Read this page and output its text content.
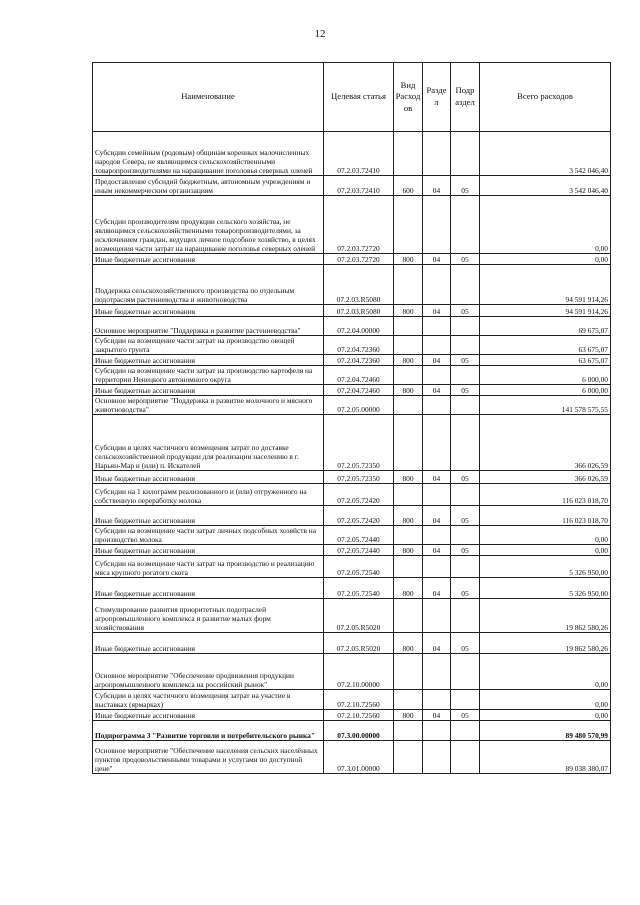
12
Наименование	Целевая статья	Вид Расход ов	Разде л	Подр аздел	Всего расходов
Субсидии семейным (родовым) общинам коренных малочисленных народов Севера, не являющимся сельскохозяйственными товаропроизводителями на наращивание поголовья северных оленей	07.2.03.72410				3 542 046,40
Предоставление субсидий бюджетным, автономным учреждениям и иным некоммерческим организациям	07.2.03.72410	600	04	05	3 542 046,40
Субсидии производителям продукции сельского хозяйства, не являющимся сельскохозяйственными товаропроизводителями, за исключением граждан, ведущих личное подсобное хозяйство, в целях возмещения части затрат на наращивание поголовья северных оленей	07.2.03.72720				0,00
Иные бюджетные ассигнования	07.2.03.72720	800	04	05	0,00
Поддержка сельскохозяйственного производства по отдельным подотраслям растениеводства и животноводства	07.2.03.R5080				94 591 914,26
Иные бюджетные ассигнования	07.2.03.R5080	800	04	05	94 591 914,26
Основное мероприятие "Поддержка и развитие растениеводства"	07.2.04.00000				69 675,07
Субсидии на возмещение части затрат на производство овощей закрытого грунта	07.2.04.72360				63 675,07
Иные бюджетные ассигнования	07.2.04.72360	800	04	05	63 675,07
Субсидии на возмещение части затрат на производство картофеля на территории Ненецкого автономного округа	07.2.04.72460				6 000,00
Иные бюджетные ассигнования	07.2.04.72460	800	04	05	6 000,00
Основное мероприятие "Поддержка и развитие молочного и мясного животноводства"	07.2.05.00000				141 578 575,55
Субсидии в целях частичного возмещения затрат по доставке сельскохозяйственной продукции для реализации населению в г. Нарьян-Мар и (или) п. Искателей	07.2.05.72350				366 026,59
Иные бюджетные ассигнования	07.2.05.72350	800	04	05	366 026,59
Субсидии на 1 килограмм реализованного и (или) отгруженного на собственную переработку молока	07.2.05.72420				116 023 018,70
Иные бюджетные ассигнования	07.2.05.72420	800	04	05	116 023 018,70
Субсидии на возмещение части затрат личных подсобных хозяйств на производство молока	07.2.05.72440				0,00
Иные бюджетные ассигнования	07.2.05.72440	800	04	05	0,00
Субсидии на возмещение части затрат на производство и реализацию мяса крупного рогатого скота	07.2.05.72540				5 326 950,00
Иные бюджетные ассигнования	07.2.05.72540	800	04	05	5 326 950,00
Стимулирование развития приоритетных подотраслей агропромышленного комплекса и развитие малых форм хозяйствования	07.2.05.R5020				19 862 580,26
Иные бюджетные ассигнования	07.2.05.R5020	800	04	05	19 862 580,26
Основное мероприятие "Обеспечение продвижения продукции агропромышленного комплекса на российский рынок"	07.2.10.00000				0,00
Субсидии в целях частичного возмещения затрат на участие в выставках (ярмарках)	07.2.10.72560				0,00
Иные бюджетные ассигнования	07.2.10.72560	800	04	05	0,00
Подпрограмма 3 "Развитие торговли и потребительского рынка"	07.3.00.00000				89 480 570,99
Основное мероприятие "Обеспечение населения сельских населённых пунктов продовольственными товарами и услугами по доступной цене"	07.3.01.00000				89 038 380,07
